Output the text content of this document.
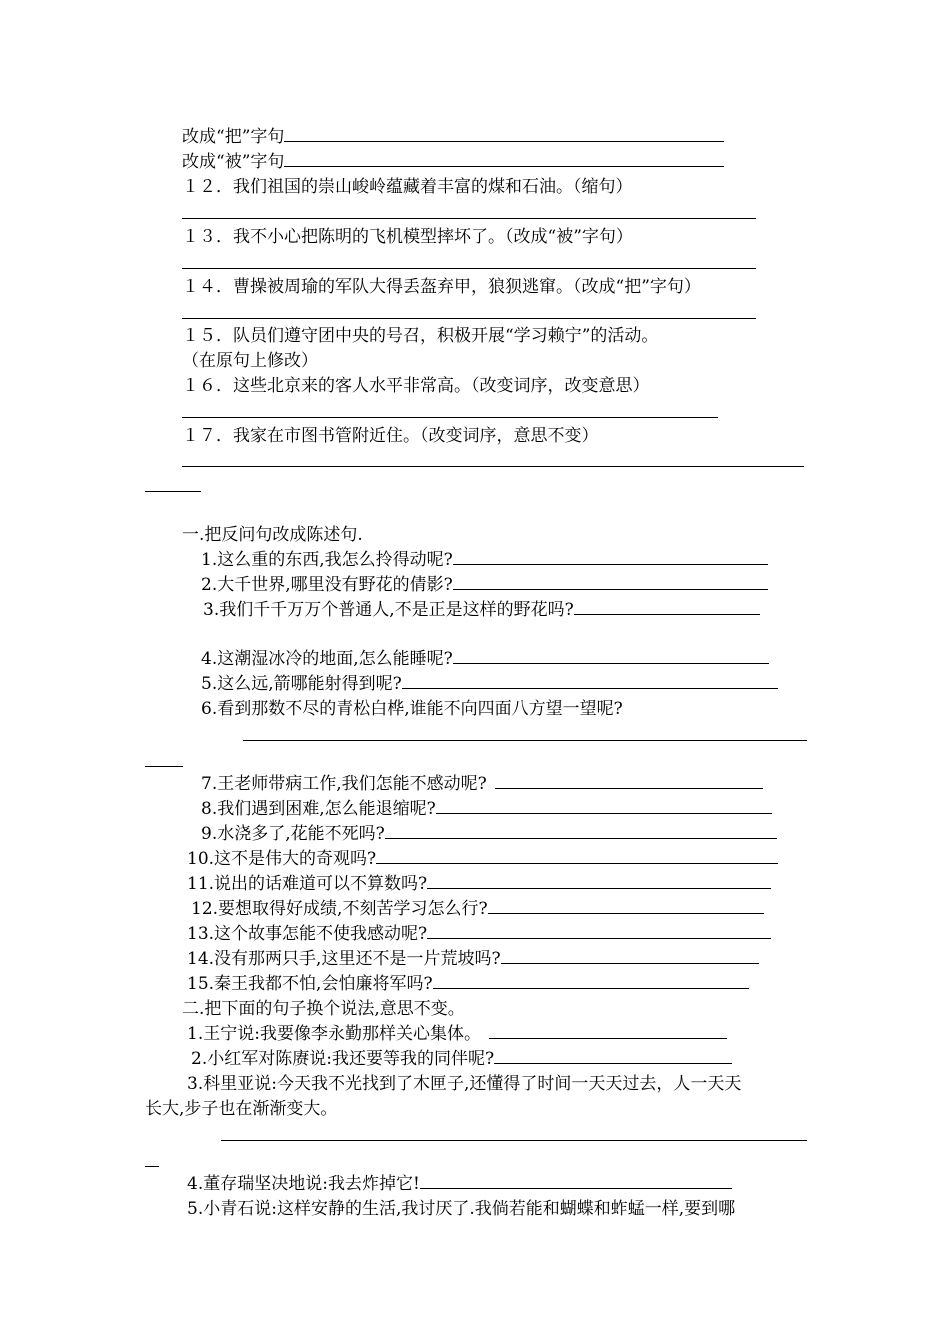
改成“把”字句
改成“被”字句
１２．我们祖国的崇山峻岭蕴藏着丰富的煤和石油。（缩句）
１３．我不小心把陈明的飞机模型摔坏了。（改成“被”字句）
１４．曹操被周瑜的军队大得丢盔弃甲，狼狈逃窜。（改成“把”字句）
１５．队员们遵守团中央的号召，积极开展“学习赖宁”的活动。
（在原句上修改）
１６．这些北京来的客人水平非常高。（改变词序，改变意思）
１７．我家在市图书管附近住。（改变词序，意思不变）
一.把反问句改成陈述句.
1.这么重的东西,我怎么拎得动呢?
2.大千世界,哪里没有野花的倩影?
3.我们千千万万个普通人,不是正是这样的野花吗?
4.这潮湿冰冷的地面,怎么能睡呢?
5.这么远,箭哪能射得到呢?
6.看到那数不尽的青松白桦,谁能不向四面八方望一望呢?
7.王老师带病工作,我们怎能不感动呢?
8.我们遇到困难,怎么能退缩呢?
9.水浇多了,花能不死吗?
10.这不是伟大的奇观吗?
11.说出的话难道可以不算数吗?
12.要想取得好成绩,不刻苦学习怎么行?
13.这个故事怎能不使我感动呢?
14.没有那两只手,这里还不是一片荒坡吗?
15.秦王我都不怕,会怕廉将军吗?
二.把下面的句子换个说法,意思不变。
1.王宁说:我要像李永勤那样关心集体。
2.小红军对陈赓说:我还要等我的同伴呢?
3.科里亚说:今天我不光找到了木匣子,还懂得了时间一天天过去，人一天天
长大,步子也在渐渐变大。
4.董存瑞坚决地说:我去炸掉它!
5.小青石说:这样安静的生活,我讨厌了.我倘若能和蝴蝶和蚱蜢一样,要到哪
